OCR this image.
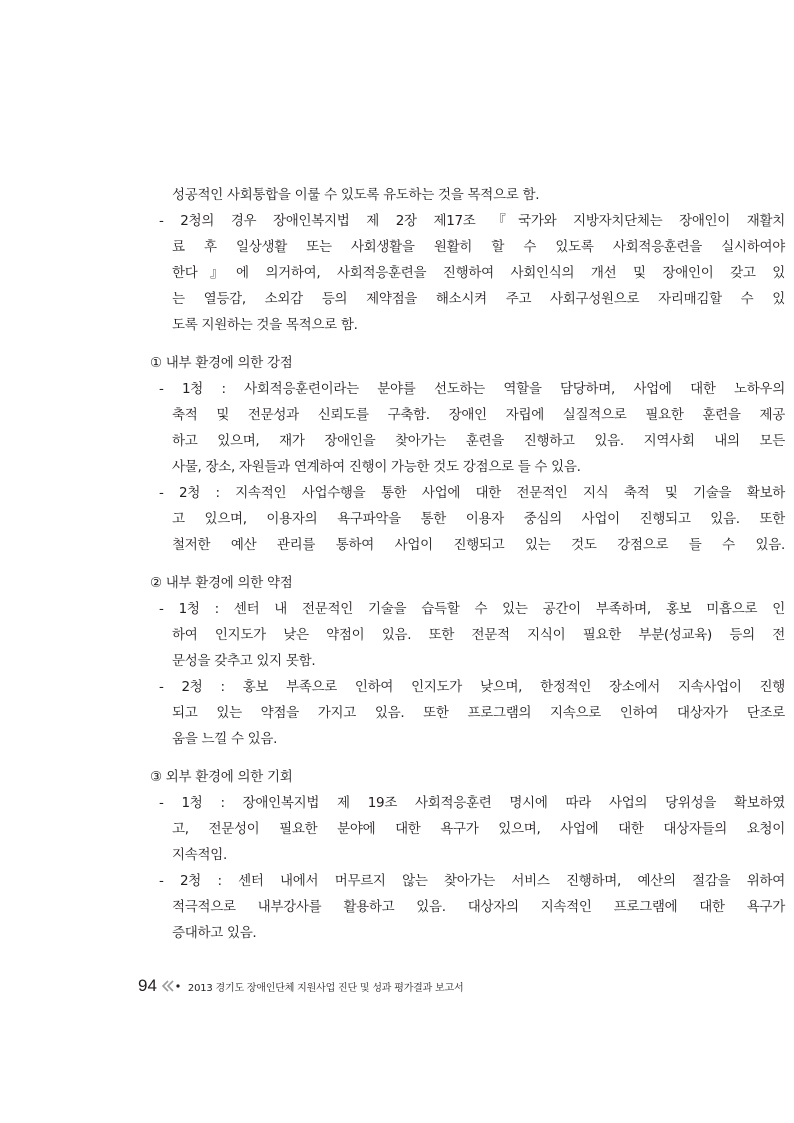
성공적인 사회통합을 이룰 수 있도록 유도하는 것을 목적으로 함.
- 2청의 경우 장애인복지법 제 2장 제17조 『국가와 지방자치단체는 장애인이 재활치
료 후 일상생활 또는 사회생활을 원활히 할 수 있도록 사회적응훈련을 실시하여야
한다』에 의거하여, 사회적응훈련을 진행하여 사회인식의 개선 및 장애인이 갖고 있
는 열등감, 소외감 등의 제약점을 해소시켜 주고 사회구성원으로 자리매김할 수 있
도록 지원하는 것을 목적으로 함.
① 내부 환경에 의한 강점
- 1청 : 사회적응훈련이라는 분야를 선도하는 역할을 담당하며, 사업에 대한 노하우의
축적 및 전문성과 신뢰도를 구축함. 장애인 자립에 실질적으로 필요한 훈련을 제공
하고 있으며, 재가 장애인을 찾아가는 훈련을 진행하고 있음. 지역사회 내의 모든
사물, 장소, 자원들과 연계하여 진행이 가능한 것도 강점으로 들 수 있음.
- 2청 : 지속적인 사업수행을 통한 사업에 대한 전문적인 지식 축적 및 기술을 확보하
고 있으며, 이용자의 욕구파악을 통한 이용자 중심의 사업이 진행되고 있음. 또한
철저한 예산 관리를 통하여 사업이 진행되고 있는 것도 강점으로 들 수 있음.
② 내부 환경에 의한 약점
- 1청 : 센터 내 전문적인 기술을 습득할 수 있는 공간이 부족하며, 홍보 미흡으로 인
하여 인지도가 낮은 약점이 있음. 또한 전문적 지식이 필요한 부분(성교육) 등의 전
문성을 갖추고 있지 못함.
- 2청 : 홍보 부족으로 인하여 인지도가 낮으며, 한정적인 장소에서 지속사업이 진행
되고 있는 약점을 가지고 있음. 또한 프로그램의 지속으로 인하여 대상자가 단조로
움을 느낄 수 있음.
③ 외부 환경에 의한 기회
- 1청 : 장애인복지법 제 19조 사회적응훈련 명시에 따라 사업의 당위성을 확보하였
고, 전문성이 필요한 분야에 대한 욕구가 있으며, 사업에 대한 대상자들의 요청이
지속적임.
- 2청 : 센터 내에서 머무르지 않는 찾아가는 서비스 진행하며, 예산의 절감을 위하여
적극적으로 내부강사를 활용하고 있음. 대상자의 지속적인 프로그램에 대한 욕구가
증대하고 있음.
94	2013 경기도 장애인단체 지원사업 진단 및 성과 평가결과 보고서
